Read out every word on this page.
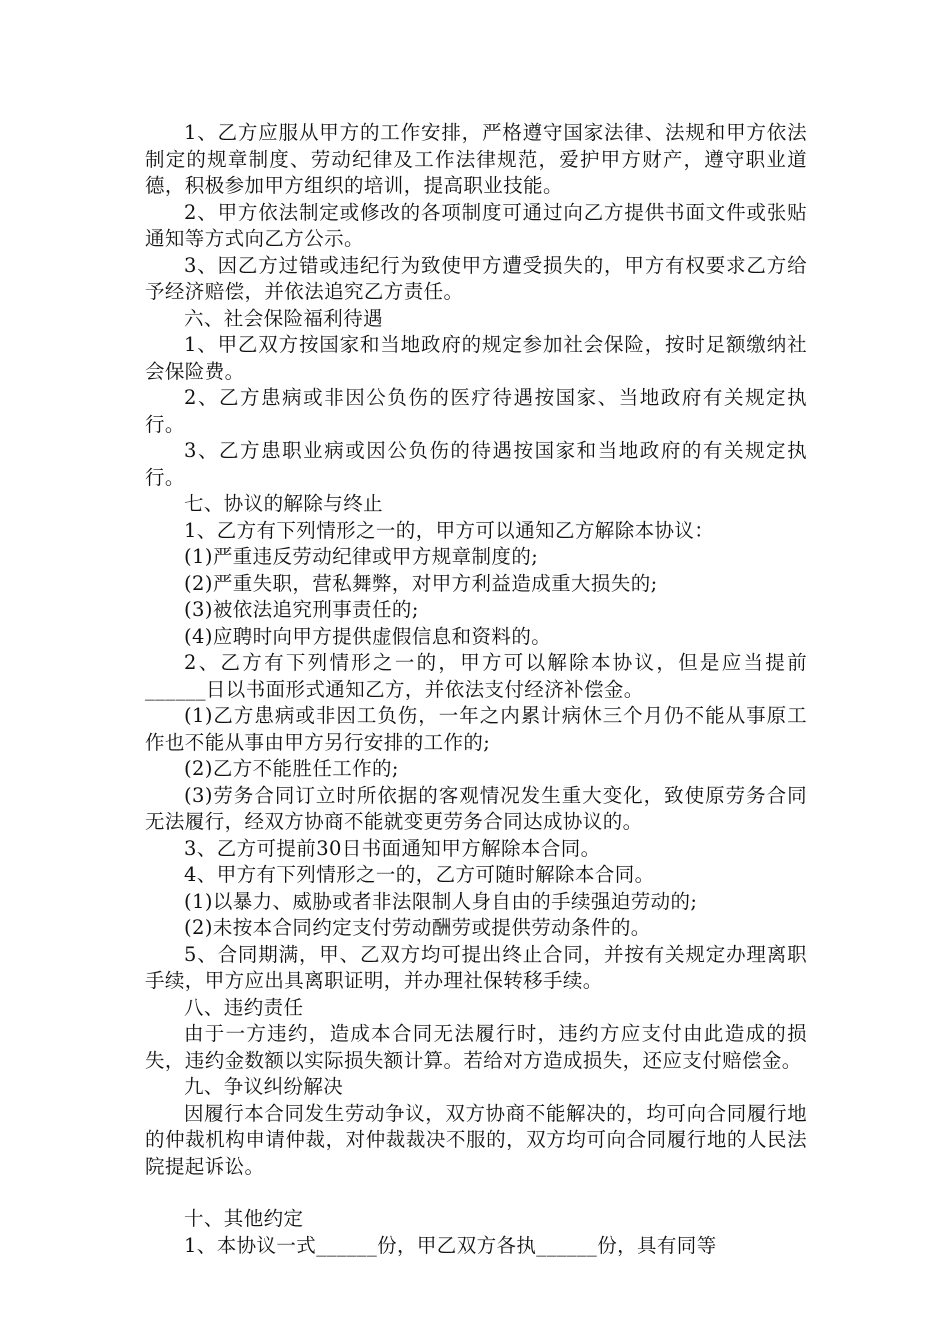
1、乙方应服从甲方的工作安排，严格遵守国家法律、法规和甲方依法制定的规章制度、劳动纪律及工作法律规范，爱护甲方财产，遵守职业道德，积极参加甲方组织的培训，提高职业技能。

2、甲方依法制定或修改的各项制度可通过向乙方提供书面文件或张贴通知等方式向乙方公示。

3、因乙方过错或违纪行为致使甲方遭受损失的，甲方有权要求乙方给予经济赔偿，并依法追究乙方责任。

六、社会保险福利待遇

1、甲乙双方按国家和当地政府的规定参加社会保险，按时足额缴纳社会保险费。

2、乙方患病或非因公负伤的医疗待遇按国家、当地政府有关规定执行。

3、乙方患职业病或因公负伤的待遇按国家和当地政府的有关规定执行。

七、协议的解除与终止

1、乙方有下列情形之一的，甲方可以通知乙方解除本协议：

(1)严重违反劳动纪律或甲方规章制度的;

(2)严重失职，营私舞弊，对甲方利益造成重大损失的;

(3)被依法追究刑事责任的;

(4)应聘时向甲方提供虚假信息和资料的。

2、乙方有下列情形之一的，甲方可以解除本协议，但是应当提前______日以书面形式通知乙方，并依法支付经济补偿金。

(1)乙方患病或非因工负伤，一年之内累计病休三个月仍不能从事原工作也不能从事由甲方另行安排的工作的;

(2)乙方不能胜任工作的;

(3)劳务合同订立时所依据的客观情况发生重大变化，致使原劳务合同无法履行，经双方协商不能就变更劳务合同达成协议的。

3、乙方可提前30日书面通知甲方解除本合同。

4、甲方有下列情形之一的，乙方可随时解除本合同。

(1)以暴力、威胁或者非法限制人身自由的手续强迫劳动的;

(2)未按本合同约定支付劳动酬劳或提供劳动条件的。

5、合同期满，甲、乙双方均可提出终止合同，并按有关规定办理离职手续，甲方应出具离职证明，并办理社保转移手续。

八、违约责任

由于一方违约，造成本合同无法履行时，违约方应支付由此造成的损失，违约金数额以实际损失额计算。若给对方造成损失，还应支付赔偿金。

九、争议纠纷解决

因履行本合同发生劳动争议，双方协商不能解决的，均可向合同履行地的仲裁机构申请仲裁，对仲裁裁决不服的，双方均可向合同履行地的人民法院提起诉讼。

十、其他约定

1、本协议一式______份，甲乙双方各执______份，具有同等
